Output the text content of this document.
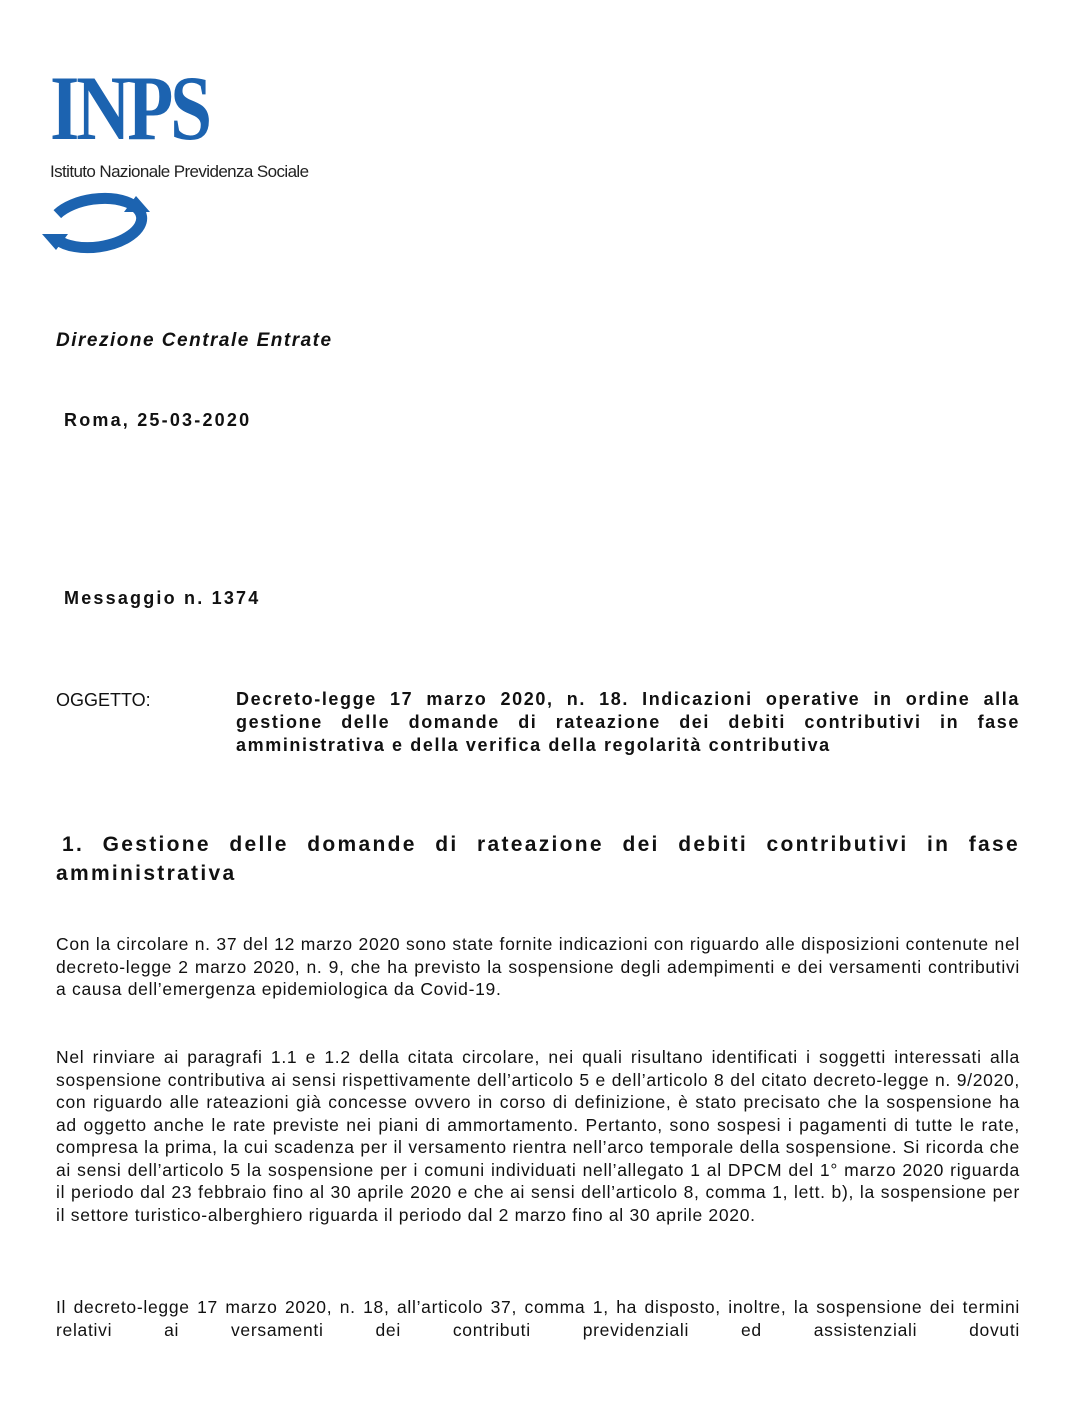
INPS
Istituto Nazionale Previdenza Sociale

Direzione Centrale Entrate

Roma, 25-03-2020

Messaggio n. 1374

OGGETTO:	Decreto-legge 17 marzo 2020, n. 18. Indicazioni operative in ordine alla gestione delle domande di rateazione dei debiti contributivi in fase amministrativa e della verifica della regolarità contributiva

1. Gestione delle domande di rateazione dei debiti contributivi in fase amministrativa

Con la circolare n. 37 del 12 marzo 2020 sono state fornite indicazioni con riguardo alle disposizioni contenute nel decreto-legge 2 marzo 2020, n. 9, che ha previsto la sospensione degli adempimenti e dei versamenti contributivi a causa dell’emergenza epidemiologica da Covid-19.

Nel rinviare ai paragrafi 1.1 e 1.2 della citata circolare, nei quali risultano identificati i soggetti interessati alla sospensione contributiva ai sensi rispettivamente dell’articolo 5 e dell’articolo 8 del citato decreto-legge n. 9/2020, con riguardo alle rateazioni già concesse ovvero in corso di definizione, è stato precisato che la sospensione ha ad oggetto anche le rate previste nei piani di ammortamento. Pertanto, sono sospesi i pagamenti di tutte le rate, compresa la prima, la cui scadenza per il versamento rientra nell’arco temporale della sospensione. Si ricorda che ai sensi dell’articolo 5 la sospensione per i comuni individuati nell’allegato 1 al DPCM del 1° marzo 2020 riguarda il periodo dal 23 febbraio fino al 30 aprile 2020 e che ai sensi dell’articolo 8, comma 1, lett. b), la sospensione per il settore turistico-alberghiero riguarda il periodo dal 2 marzo fino al 30 aprile 2020.

Il decreto-legge 17 marzo 2020, n. 18, all’articolo 37, comma 1, ha disposto, inoltre, la sospensione dei termini relativi ai versamenti dei contributi previdenziali ed assistenziali dovuti
